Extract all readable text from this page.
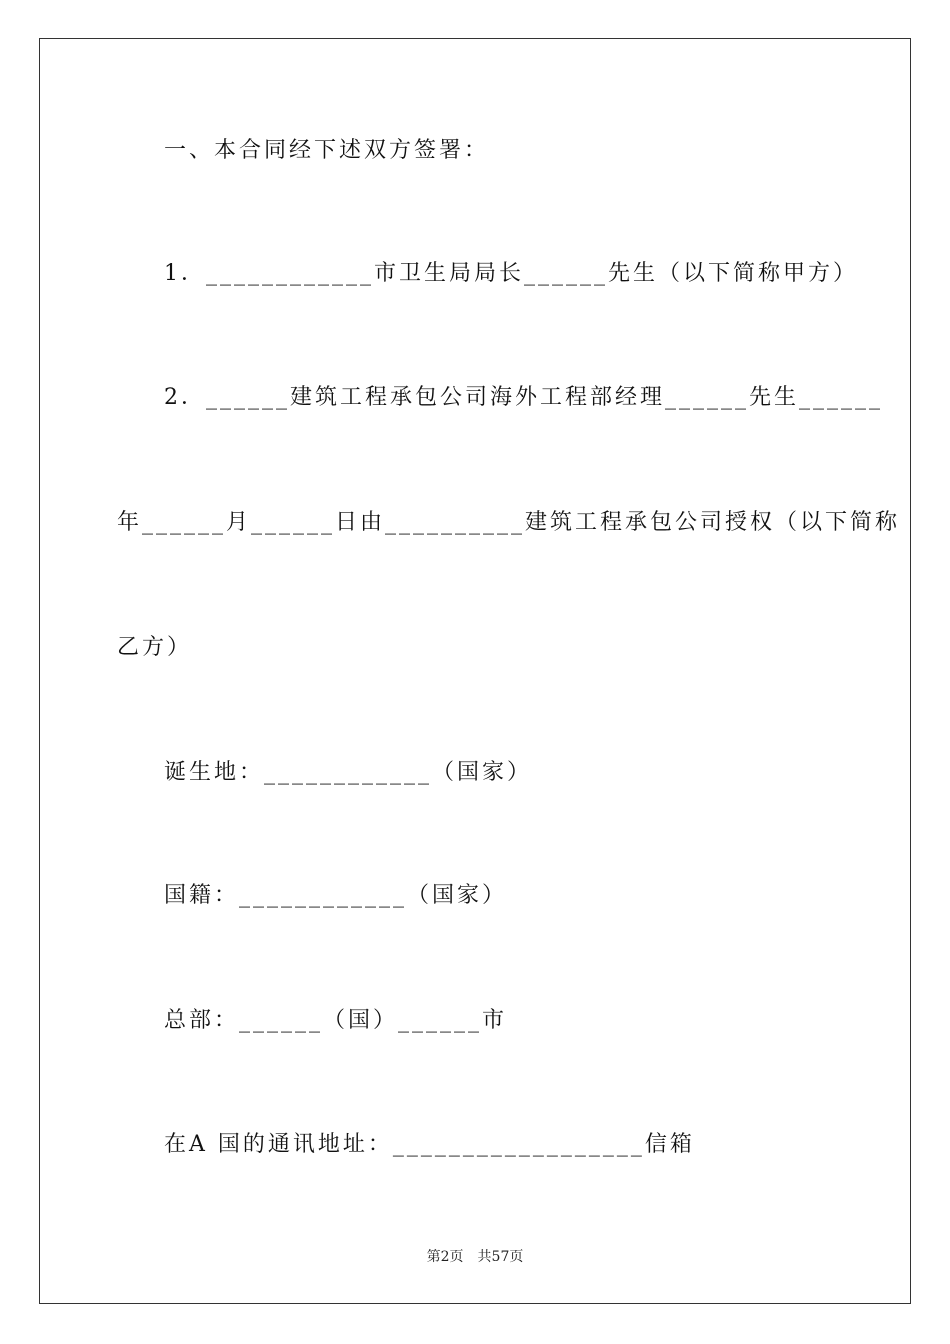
一、本合同经下述双方签署：
1．____________市卫生局局长______先生（以下简称甲方）
2．______建筑工程承包公司海外工程部经理______先生______
年______月______日由__________建筑工程承包公司授权（以下简称
乙方）
诞生地：____________（国家）
国籍：____________（国家）
总部：______（国）______市
在A 国的通讯地址：__________________信箱
第2页　共57页
